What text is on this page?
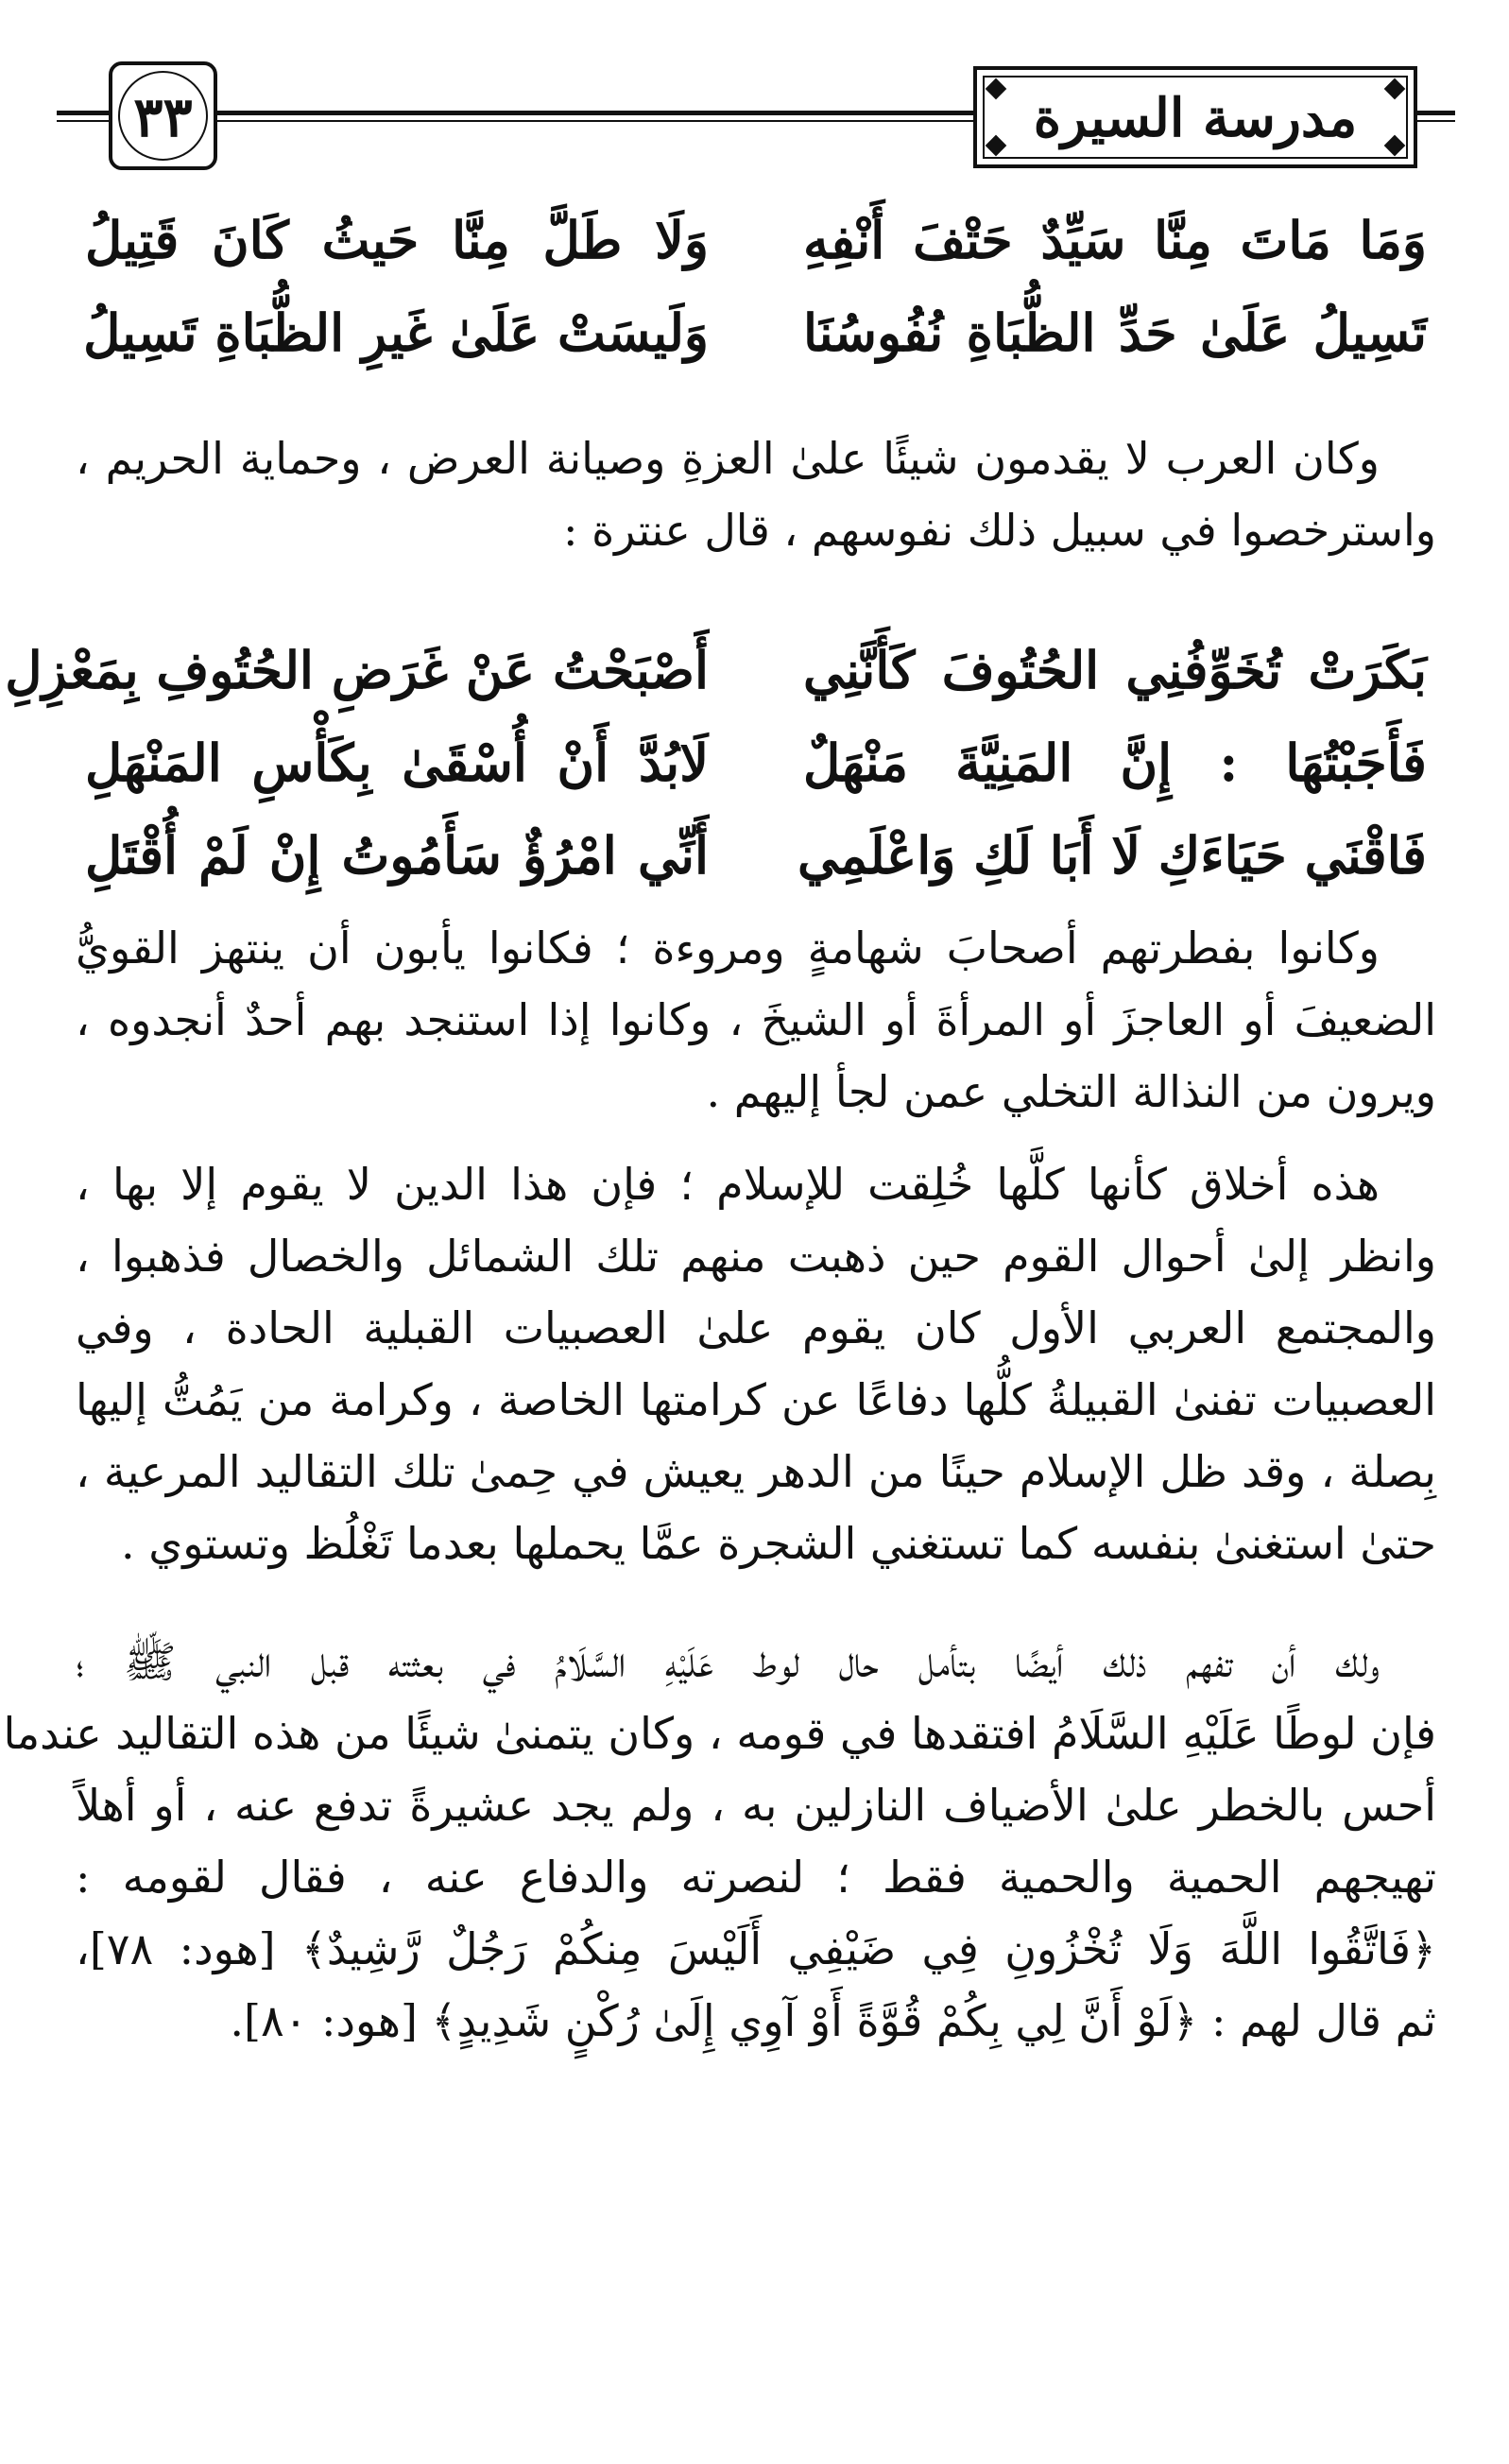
٣٣	مدرسة السيرة
وَمَا مَاتَ مِنَّا سَيِّدٌ حَتْفَ أَنْفِهِ
وَلَا طَلَّ مِنَّا حَيثُ كَانَ قَتِيلُ
تَسِيلُ عَلَىٰ حَدِّ الظُّبَاةِ نُفُوسُنَا
وَلَيسَتْ عَلَىٰ غَيرِ الظُّبَاةِ تَسِيلُ
وكان العرب لا يقدمون شيئًا علىٰ العزةِ وصيانة العرض ، وحماية الحريم ،
واسترخصوا في سبيل ذلك نفوسهم ، قال عنترة :
بَكَرَتْ تُخَوِّفُنِي الحُتُوفَ كَأَنَّنِي
أَصْبَحْتُ عَنْ غَرَضِ الحُتُوفِ بِمَعْزِلِ
فَأَجَبْتُهَا : إِنَّ المَنِيَّةَ مَنْهَلٌ
لَابُدَّ أَنْ أُسْقَىٰ بِكَأْسِ المَنْهَلِ
فَاقْنَي حَيَاءَكِ لَا أَبَا لَكِ وَاعْلَمِي
أَنِّي امْرُؤٌ سَأَمُوتُ إِنْ لَمْ أُقْتَلِ
وكانوا بفطرتهم أصحابَ شهامةٍ ومروءة ؛ فكانوا يأبون أن ينتهز القويُّ
الضعيفَ أو العاجزَ أو المرأةَ أو الشيخَ ، وكانوا إذا استنجد بهم أحدٌ أنجدوه ،
ويرون من النذالة التخلي عمن لجأ إليهم .
هذه أخلاق كأنها كلَّها خُلِقت للإسلام ؛ فإن هذا الدين لا يقوم إلا بها ،
وانظر إلىٰ أحوال القوم حين ذهبت منهم تلك الشمائل والخصال فذهبوا ،
والمجتمع العربي الأول كان يقوم علىٰ العصبيات القبلية الحادة ، وفي
العصبيات تفنىٰ القبيلةُ كلُّها دفاعًا عن كرامتها الخاصة ، وكرامة من يَمُتُّ إليها
بِصلة ، وقد ظل الإسلام حينًا من الدهر يعيش في حِمىٰ تلك التقاليد المرعية ،
حتىٰ استغنىٰ بنفسه كما تستغني الشجرة عمَّا يحملها بعدما تَغْلُظ وتستوي .
ولك أن تفهم ذلك أيضًا بتأمل حال لوط عَلَيْهِ السَّلَامُ في بعثته قبل النبي ﷺ ؛
فإن لوطًا عَلَيْهِ السَّلَامُ افتقدها في قومه ، وكان يتمنىٰ شيئًا من هذه التقاليد عندما
أحس بالخطر علىٰ الأضياف النازلين به ، ولم يجد عشيرةً تدفع عنه ، أو أهلاً
تهيجهم الحمية والحمية فقط ؛ لنصرته والدفاع عنه ، فقال لقومه :
﴿فَاتَّقُوا اللَّهَ وَلَا تُخْزُونِ فِي ضَيْفِي أَلَيْسَ مِنكُمْ رَجُلٌ رَّشِيدٌ﴾ [هود: ٧٨]،
ثم قال لهم : ﴿لَوْ أَنَّ لِي بِكُمْ قُوَّةً أَوْ آوِي إِلَىٰ رُكْنٍ شَدِيدٍ﴾ [هود: ٨٠].
